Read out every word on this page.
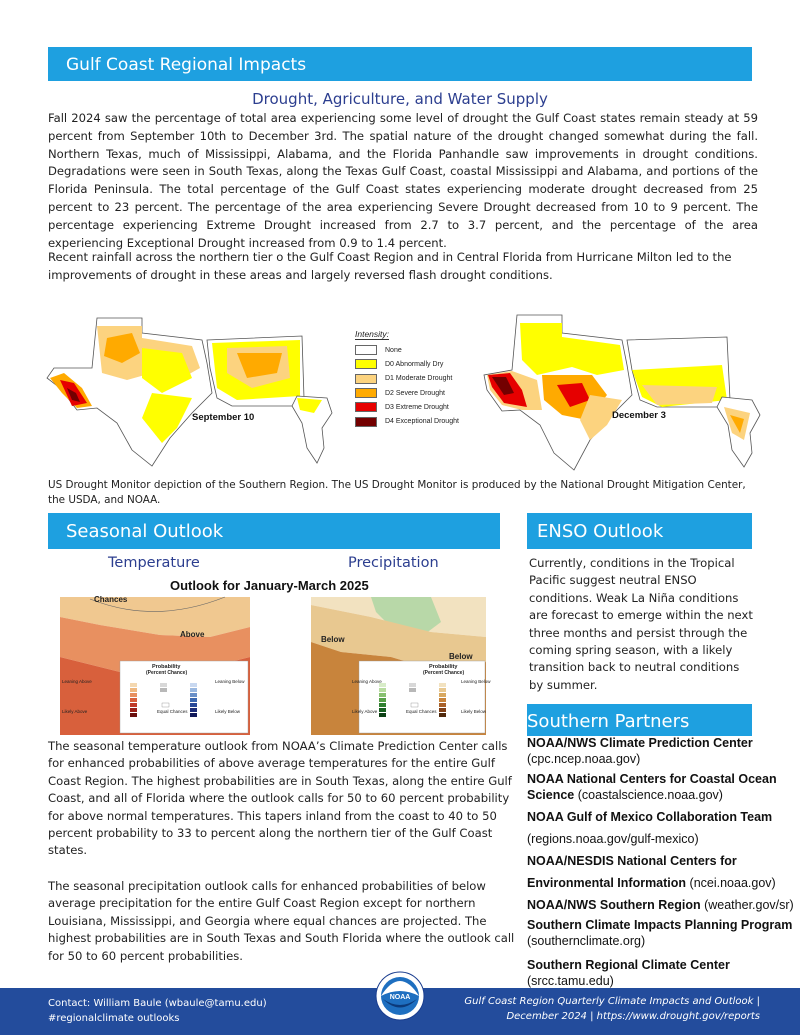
Gulf Coast Regional Impacts
Drought, Agriculture, and Water Supply

Fall 2024 saw the percentage of total area experiencing some level of drought the Gulf Coast states remain steady at 59 percent from September 10th to December 3rd. The spatial nature of the drought changed somewhat during the fall. Northern Texas, much of Mississippi, Alabama, and the Florida Panhandle saw improvements in drought conditions. Degradations were seen in South Texas, along the Texas Gulf Coast, coastal Mississippi and Alabama, and portions of the Florida Peninsula. The total percentage of the Gulf Coast states experiencing moderate drought decreased from 25 percent to 23 percent. The percentage of the area experiencing Severe Drought decreased from 10 to 9 percent. The percentage experiencing Extreme Drought increased from 2.7 to 3.7 percent, and the percentage of the area experiencing Exceptional Drought increased from 0.9 to 1.4 percent.

Recent rainfall across the northern tier o the Gulf Coast Region and in Central Florida from Hurricane Milton led to the improvements of drought in these areas and largely reversed flash drought conditions.

September 10
Intensity:
None
D0 Abnormally Dry
D1 Moderate Drought
D2 Severe Drought
D3 Extreme Drought
D4 Exceptional Drought
December 3

US Drought Monitor depiction of the Southern Region. The US Drought Monitor is produced by the National Drought Mitigation Center, the USDA, and NOAA.

Seasonal Outlook
Temperature	Precipitation
Outlook for January-March 2025
Chances
Above
Probability
(Percent Chance)
Leaning Above
Likely Above
Leaning Below
Likely Below
Equal Chances
Below
Below
Probability
(Percent Chance)
Leaning Above
Likely Above
Leaning Below
Likely Below
Equal Chances

The seasonal temperature outlook from NOAA’s Climate Prediction Center calls for enhanced probabilities of above average temperatures for the entire Gulf Coast Region. The highest probabilities are in South Texas, along the entire Gulf Coast, and all of Florida where the outlook calls for 50 to 60 percent probability for above normal temperatures. This tapers inland from the coast to 40 to 50 percent probability to 33 to percent along the northern tier of the Gulf Coast states.

The seasonal precipitation outlook calls for enhanced probabilities of below average precipitation for the entire Gulf Coast Region except for northern Louisiana, Mississippi, and Georgia where equal chances are projected. The highest probabilities are in South Texas and South Florida where the outlook call for 50 to 60 percent probabilities.

ENSO Outlook

Currently, conditions in the Tropical Pacific suggest neutral ENSO conditions. Weak La Niña conditions are forecast to emerge within the next three months and persist through the coming spring season, with a likely transition back to neutral conditions by summer.

Southern Partners
NOAA/NWS Climate Prediction Center
(cpc.ncep.noaa.gov)
NOAA National Centers for Coastal Ocean
Science (coastalscience.noaa.gov)
NOAA Gulf of Mexico Collaboration Team
(regions.noaa.gov/gulf-mexico)
NOAA/NESDIS National Centers for
Environmental Information (ncei.noaa.gov)
NOAA/NWS Southern Region (weather.gov/sr)
Southern Climate Impacts Planning Program
(southernclimate.org)
Southern Regional Climate Center
(srcc.tamu.edu)
Contact: William Baule (wbaule@tamu.edu)
#regionalclimate outlooks
Gulf Coast Region Quarterly Climate Impacts and Outlook |
December 2024 | https://www.drought.gov/reports
NOAA
